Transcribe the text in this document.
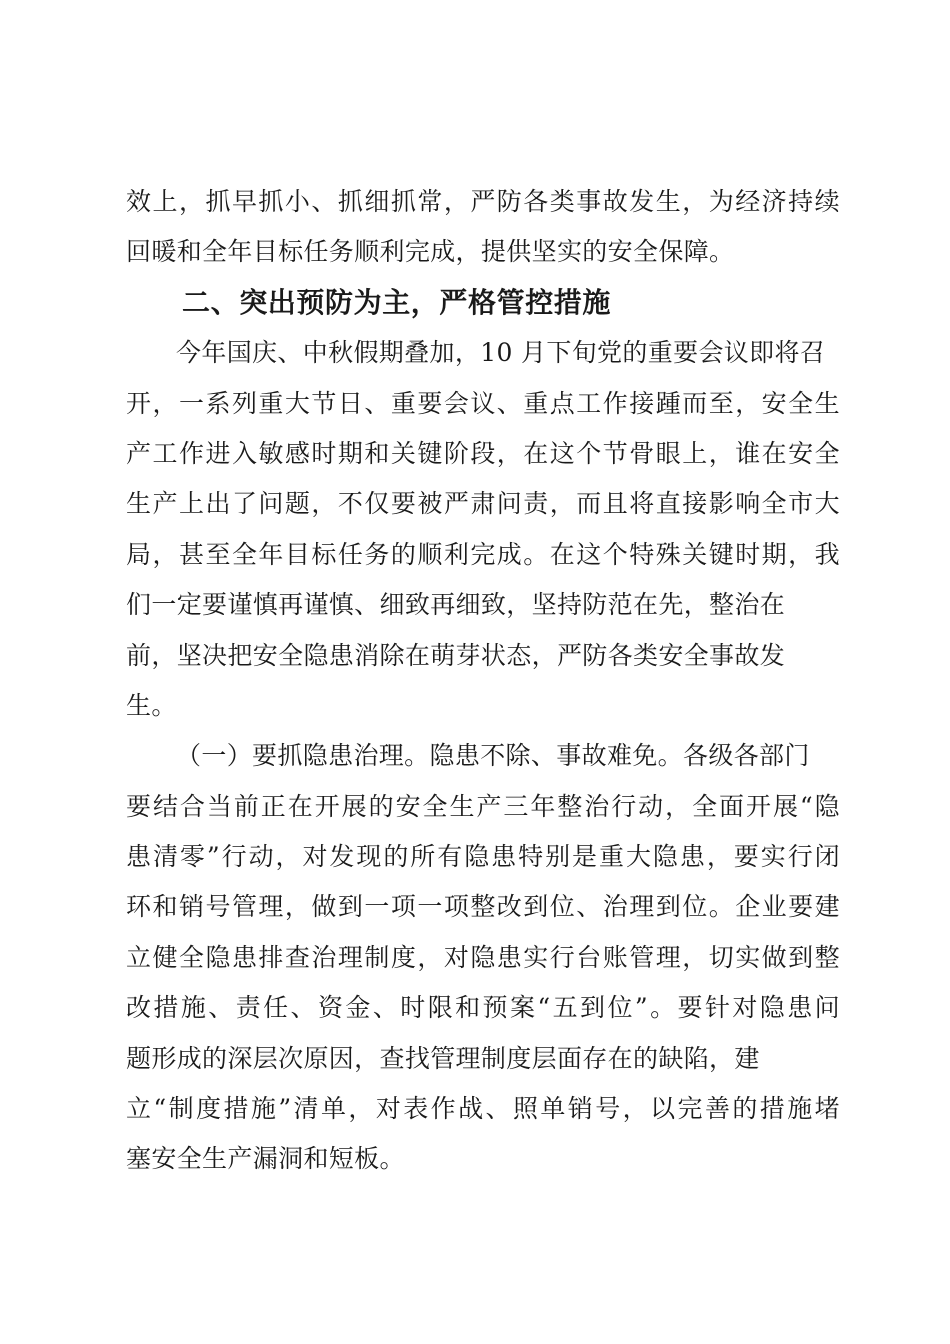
效上，抓早抓小、抓细抓常，严防各类事故发生，为经济持续
回暖和全年目标任务顺利完成，提供坚实的安全保障。
二、突出预防为主，严格管控措施
今年国庆、中秋假期叠加，10 月下旬党的重要会议即将召
开，一系列重大节日、重要会议、重点工作接踵而至，安全生
产工作进入敏感时期和关键阶段，在这个节骨眼上，谁在安全
生产上出了问题，不仅要被严肃问责，而且将直接影响全市大
局，甚至全年目标任务的顺利完成。在这个特殊关键时期，我
们一定要谨慎再谨慎、细致再细致，坚持防范在先，整治在
前，坚决把安全隐患消除在萌芽状态，严防各类安全事故发
生。
（一）要抓隐患治理。隐患不除、事故难免。各级各部门
要结合当前正在开展的安全生产三年整治行动，全面开展“隐
患清零”行动，对发现的所有隐患特别是重大隐患，要实行闭
环和销号管理，做到一项一项整改到位、治理到位。企业要建
立健全隐患排查治理制度，对隐患实行台账管理，切实做到整
改措施、责任、资金、时限和预案“五到位”。要针对隐患问
题形成的深层次原因，查找管理制度层面存在的缺陷，建
立“制度措施”清单，对表作战、照单销号，以完善的措施堵
塞安全生产漏洞和短板。
